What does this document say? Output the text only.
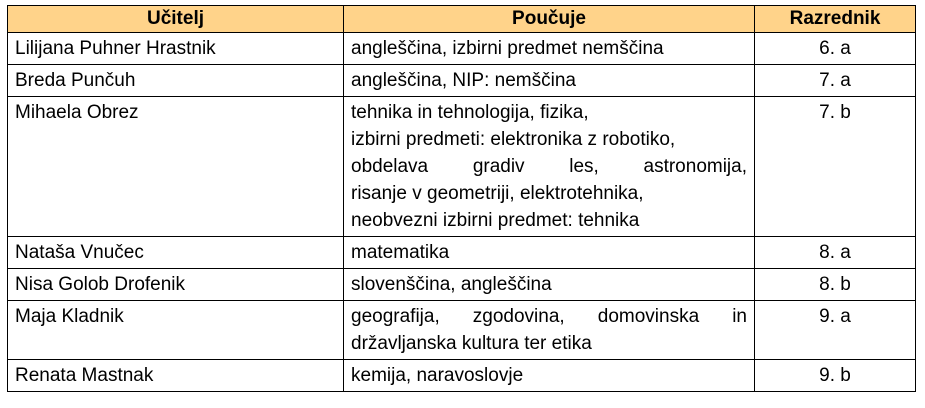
Učitelj	Poučuje	Razrednik
Lilijana Puhner Hrastnik	angleščina, izbirni predmet nemščina	6. a
Breda Punčuh	angleščina, NIP: nemščina	7. a
Mihaela Obrez	tehnika in tehnologija, fizika,
izbirni predmeti: elektronika z robotiko,
obdelava gradiv les, astronomija,
risanje v geometriji, elektrotehnika,
neobvezni izbirni predmet: tehnika	7. b
Nataša Vnučec	matematika	8. a
Nisa Golob Drofenik	slovenščina, angleščina	8. b
Maja Kladnik	geografija, zgodovina, domovinska in
državljanska kultura ter etika	9. a
Renata Mastnak	kemija, naravoslovje	9. b
